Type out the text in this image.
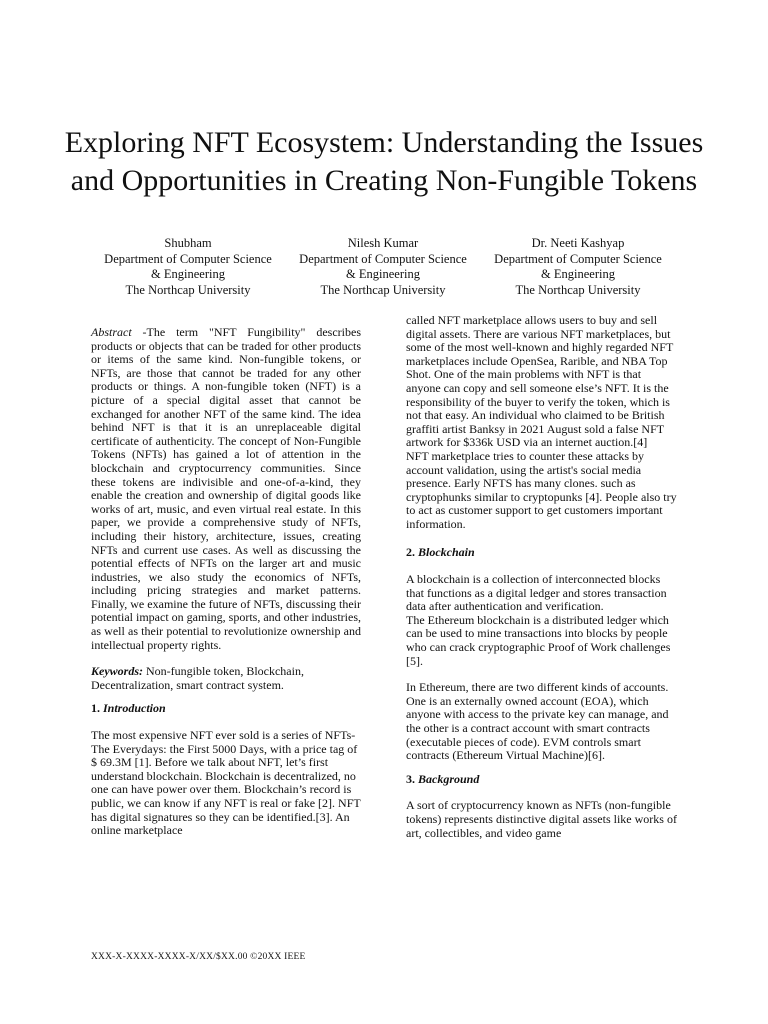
Exploring NFT Ecosystem: Understanding the Issues and Opportunities in Creating Non-Fungible Tokens
Shubham
Department of Computer Science
& Engineering
The Northcap University
Nilesh Kumar
Department of Computer Science
& Engineering
The Northcap University
Dr. Neeti Kashyap
Department of Computer Science
& Engineering
The Northcap University

Abstract -The term "NFT Fungibility" describes products or objects that can be traded for other products or items of the same kind. Non-fungible tokens, or NFTs, are those that cannot be traded for any other products or things. A non-fungible token (NFT) is a picture of a special digital asset that cannot be exchanged for another NFT of the same kind. The idea behind NFT is that it is an unreplaceable digital certificate of authenticity. The concept of Non-Fungible Tokens (NFTs) has gained a lot of attention in the blockchain and cryptocurrency communities. Since these tokens are indivisible and one-of-a-kind, they enable the creation and ownership of digital goods like works of art, music, and even virtual real estate. In this paper, we provide a comprehensive study of NFTs, including their history, architecture, issues, creating NFTs and current use cases. As well as discussing the potential effects of NFTs on the larger art and music industries, we also study the economics of NFTs, including pricing strategies and market patterns. Finally, we examine the future of NFTs, discussing their potential impact on gaming, sports, and other industries, as well as their potential to revolutionize ownership and intellectual property rights.

Keywords: Non-fungible token, Blockchain, Decentralization, smart contract system.

1. Introduction

The most expensive NFT ever sold is a series of NFTs- The Everydays: the First 5000 Days, with a price tag of $ 69.3M [1]. Before we talk about NFT, let’s first understand blockchain. Blockchain is decentralized, no one can have power over them. Blockchain’s record is public, we can know if any NFT is real or fake [2]. NFT has digital signatures so they can be identified.[3]. An online marketplace

called NFT marketplace allows users to buy and sell digital assets. There are various NFT marketplaces, but some of the most well-known and highly regarded NFT marketplaces include OpenSea, Rarible, and NBA Top Shot. One of the main problems with NFT is that anyone can copy and sell someone else’s NFT. It is the responsibility of the buyer to verify the token, which is not that easy. An individual who claimed to be British graffiti artist Banksy in 2021 August sold a false NFT artwork for $336k USD via an internet auction.[4]

NFT marketplace tries to counter these attacks by account validation, using the artist's social media presence. Early NFTS has many clones. such as cryptophunks similar to cryptopunks [4]. People also try to act as customer support to get customers important information.

2. Blockchain

A blockchain is a collection of interconnected blocks that functions as a digital ledger and stores transaction data after authentication and verification.

The Ethereum blockchain is a distributed ledger which can be used to mine transactions into blocks by people who can crack cryptographic Proof of Work challenges [5].

In Ethereum, there are two different kinds of accounts. One is an externally owned account (EOA), which anyone with access to the private key can manage, and the other is a contract account with smart contracts (executable pieces of code). EVM controls smart contracts (Ethereum Virtual Machine)[6].

3. Background

A sort of cryptocurrency known as NFTs (non-fungible tokens) represents distinctive digital assets like works of art, collectibles, and video game

XXX-X-XXXX-XXXX-X/XX/$XX.00 ©20XX IEEE
